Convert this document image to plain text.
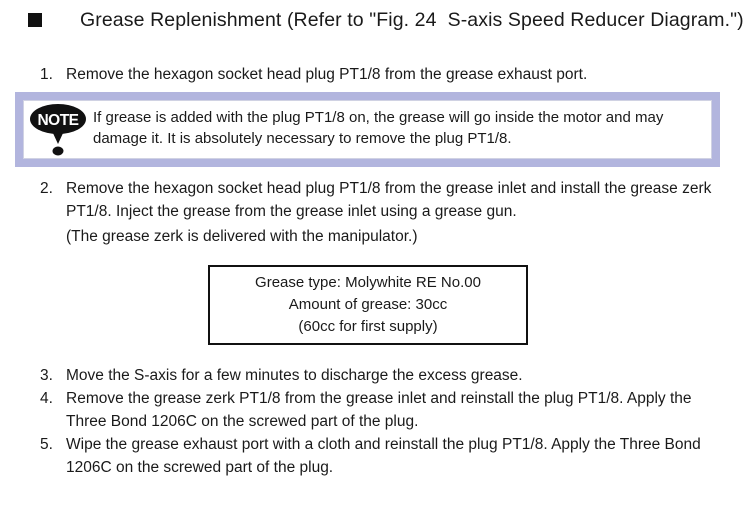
Grease Replenishment (Refer to "Fig. 24  S-axis Speed Reducer Diagram.")
1. Remove the hexagon socket head plug PT1/8 from the grease exhaust port.
NOTE If grease is added with the plug PT1/8 on, the grease will go inside the motor and may damage it. It is absolutely necessary to remove the plug PT1/8.
2. Remove the hexagon socket head plug PT1/8 from the grease inlet and install the grease zerk PT1/8. Inject the grease from the grease inlet using a grease gun.
(The grease zerk is delivered with the manipulator.)
Grease type: Molywhite RE No.00
Amount of grease: 30cc
(60cc for first supply)
3. Move the S-axis for a few minutes to discharge the excess grease.
4. Remove the grease zerk PT1/8 from the grease inlet and reinstall the plug PT1/8. Apply the Three Bond 1206C on the screwed part of the plug.
5. Wipe the grease exhaust port with a cloth and reinstall the plug PT1/8. Apply the Three Bond 1206C on the screwed part of the plug.
